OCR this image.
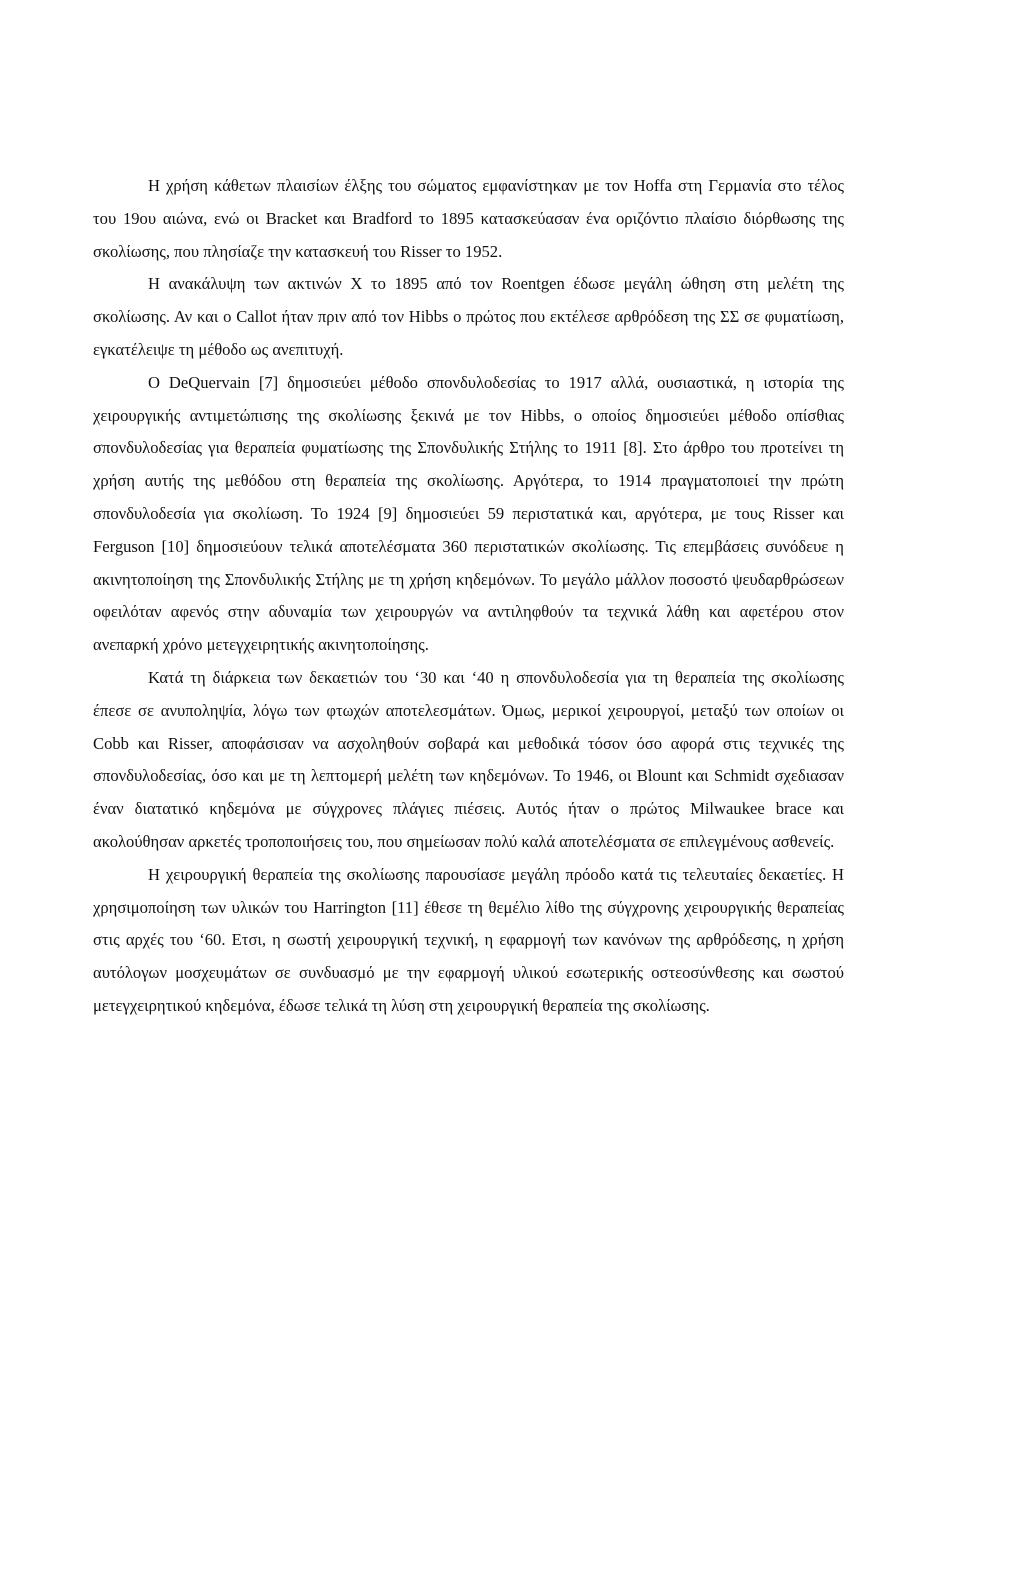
Η χρήση κάθετων πλαισίων έλξης του σώματος εμφανίστηκαν με τον Hoffa στη Γερμανία στο τέλος του 19ου αιώνα, ενώ οι Bracket και Bradford το 1895 κατασκεύασαν ένα οριζόντιο πλαίσιο διόρθωσης της σκολίωσης, που πλησίαζε την κατασκευή του Risser το 1952.

Η ανακάλυψη των ακτινών X το 1895 από τον Roentgen έδωσε μεγάλη ώθηση στη μελέτη της σκολίωσης. Αν και ο Callot ήταν πριν από τον Hibbs ο πρώτος που εκτέλεσε αρθρόδεση της ΣΣ σε φυματίωση, εγκατέλειψε τη μέθοδο ως ανεπιτυχή.

Ο DeQuervain [7] δημοσιεύει μέθοδο σπονδυλοδεσίας το 1917 αλλά, ουσιαστικά, η ιστορία της χειρουργικής αντιμετώπισης της σκολίωσης ξεκινά με τον Hibbs, ο οποίος δημοσιεύει μέθοδο οπίσθιας σπονδυλοδεσίας για θεραπεία φυματίωσης της Σπονδυλικής Στήλης το 1911 [8]. Στο άρθρο του προτείνει τη χρήση αυτής της μεθόδου στη θεραπεία της σκολίωσης. Αργότερα, το 1914 πραγματοποιεί την πρώτη σπονδυλοδεσία για σκολίωση. Το 1924 [9] δημοσιεύει 59 περιστατικά και, αργότερα, με τους Risser και Ferguson [10] δημοσιεύουν τελικά αποτελέσματα 360 περιστατικών σκολίωσης. Τις επεμβάσεις συνόδευε η ακινητοποίηση της Σπονδυλικής Στήλης με τη χρήση κηδεμόνων. Το μεγάλο μάλλον ποσοστό ψευδαρθρώσεων οφειλόταν αφενός στην αδυναμία των χειρουργών να αντιληφθούν τα τεχνικά λάθη και αφετέρου στον ανεπαρκή χρόνο μετεγχειρητικής ακινητοποίησης.

Κατά τη διάρκεια των δεκαετιών του ‘30 και ‘40 η σπονδυλοδεσία για τη θεραπεία της σκολίωσης έπεσε σε ανυποληψία, λόγω των φτωχών αποτελεσμάτων. Όμως, μερικοί χειρουργοί, μεταξύ των οποίων οι Cobb και Risser, αποφάσισαν να ασχοληθούν σοβαρά και μεθοδικά τόσον όσο αφορά στις τεχνικές της σπονδυλοδεσίας, όσο και με τη λεπτομερή μελέτη των κηδεμόνων. Το 1946, οι Blount και Schmidt σχεδιασαν έναν διατατικό κηδεμόνα με σύγχρονες πλάγιες πιέσεις. Αυτός ήταν ο πρώτος Milwaukee brace και ακολούθησαν αρκετές τροποποιήσεις του, που σημείωσαν πολύ καλά αποτελέσματα σε επιλεγμένους ασθενείς.

Η χειρουργική θεραπεία της σκολίωσης παρουσίασε μεγάλη πρόοδο κατά τις τελευταίες δεκαετίες. Η χρησιμοποίηση των υλικών του Harrington [11] έθεσε τη θεμέλιο λίθο της σύγχρονης χειρουργικής θεραπείας στις αρχές του ‘60. Ετσι, η σωστή χειρουργική τεχνική, η εφαρμογή των κανόνων της αρθρόδεσης, η χρήση αυτόλογων μοσχευμάτων σε συνδυασμό με την εφαρμογή υλικού εσωτερικής οστεοσύνθεσης και σωστού μετεγχειρητικού κηδεμόνα, έδωσε τελικά τη λύση στη χειρουργική θεραπεία της σκολίωσης.
